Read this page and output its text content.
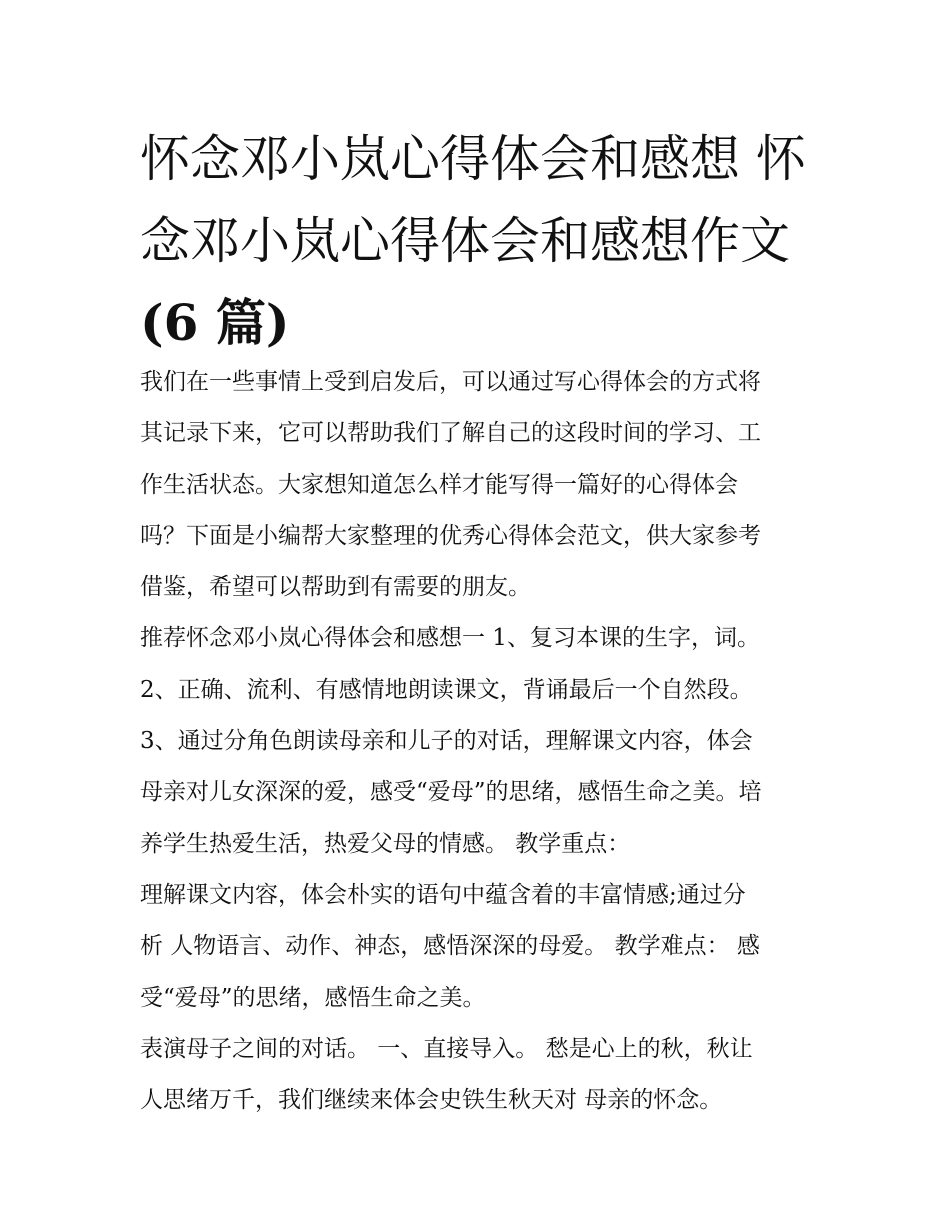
怀念邓小岚心得体会和感想 怀
念邓小岚心得体会和感想作文
(6 篇)
我们在一些事情上受到启发后，可以通过写心得体会的方式将
其记录下来，它可以帮助我们了解自己的这段时间的学习、工
作生活状态。大家想知道怎么样才能写得一篇好的心得体会
吗？下面是小编帮大家整理的优秀心得体会范文，供大家参考
借鉴，希望可以帮助到有需要的朋友。
推荐怀念邓小岚心得体会和感想一 1、复习本课的生字，词。
2、正确、流利、有感情地朗读课文，背诵最后一个自然段。
3、通过分角色朗读母亲和儿子的对话，理解课文内容，体会
母亲对儿女深深的爱，感受“爱母”的思绪，感悟生命之美。培
养学生热爱生活，热爱父母的情感。 教学重点：
理解课文内容，体会朴实的语句中蕴含着的丰富情感;通过分
析 人物语言、动作、神态，感悟深深的母爱。 教学难点： 感
受“爱母”的思绪，感悟生命之美。
表演母子之间的对话。 一、直接导入。 愁是心上的秋，秋让
人思绪万千，我们继续来体会史铁生秋天对 母亲的怀念。
